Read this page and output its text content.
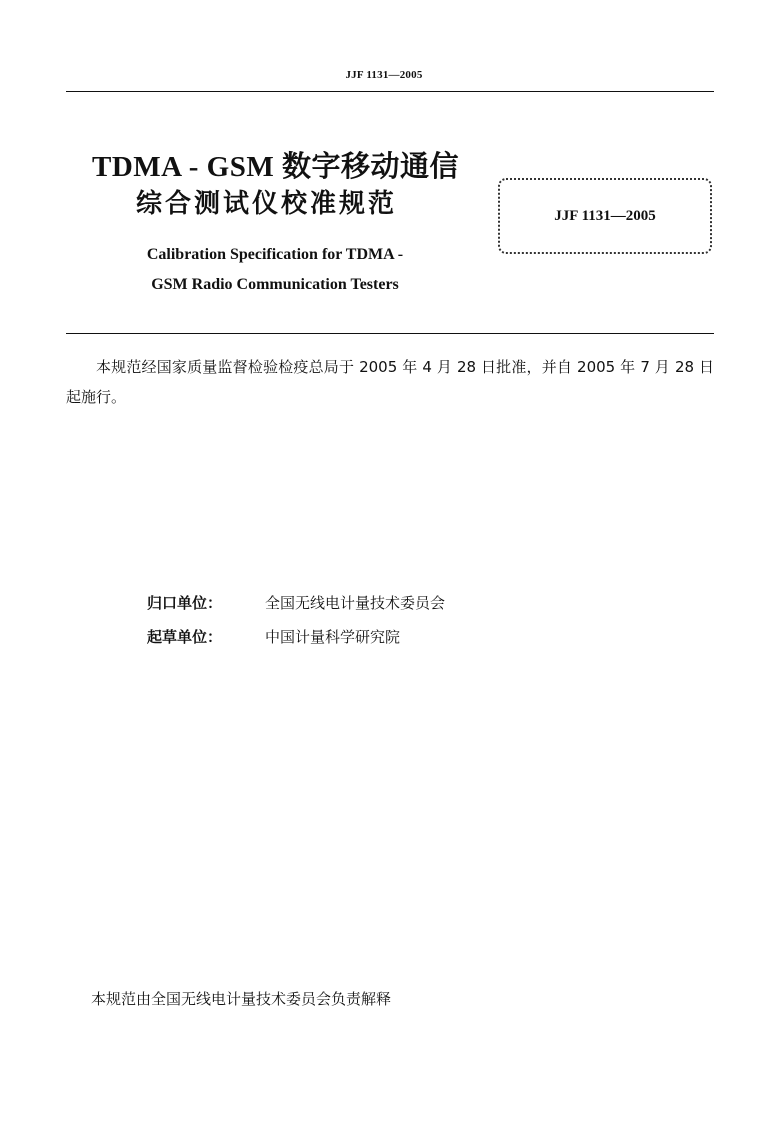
JJF 1131—2005
TDMA - GSM 数字移动通信
综合测试仪校准规范
Calibration Specification for TDMA -
GSM Radio Communication Testers
JJF 1131—2005
本规范经国家质量监督检验检疫总局于 2005 年 4 月 28 日批准，并自 2005 年 7 月 28 日起施行。
归口单位：	全国无线电计量技术委员会
起草单位：	中国计量科学研究院
本规范由全国无线电计量技术委员会负责解释
